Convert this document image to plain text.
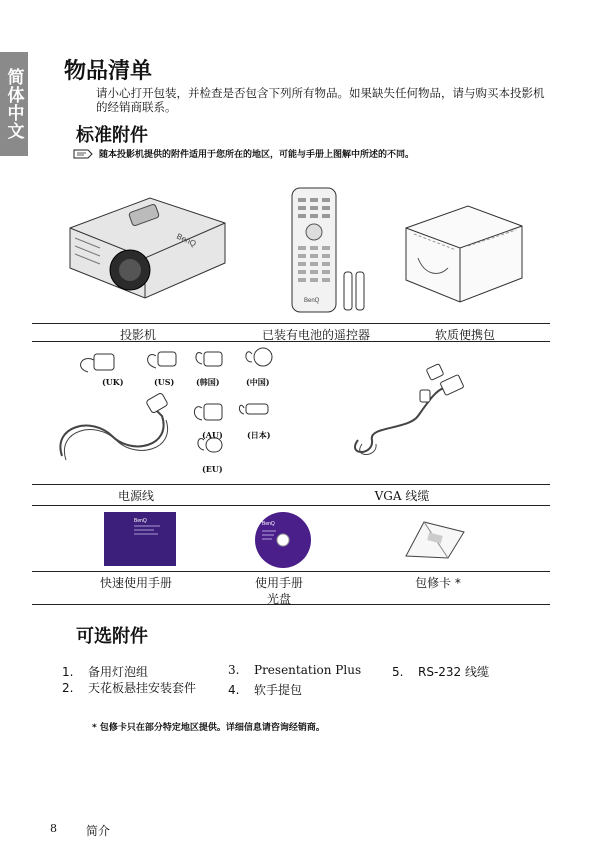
简体中文 物品清单

请小心打开包装，并检查是否包含下列所有物品。如果缺失任何物品，请与购买本投影机的经销商联系。

标准附件
随本投影机提供的附件适用于您所在的地区，可能与手册上图解中所述的不同。
BenQ
BenQ
投影机	已装有电池的遥控器	软质便携包
(UK)	(US)	(韩国)	(中国)
(AU)	(日本)
(EU)
电源线	VGA 线缆
BenQ	BenQ
快速使用手册	使用手册
光盘
包修卡 *
可选附件
1. 备用灯泡组
2. 天花板悬挂安装套件
3. Presentation Plus
4. 软手提包
5. RS-232 线缆
* 包修卡只在部分特定地区提供。详细信息请咨询经销商。
8 简介
